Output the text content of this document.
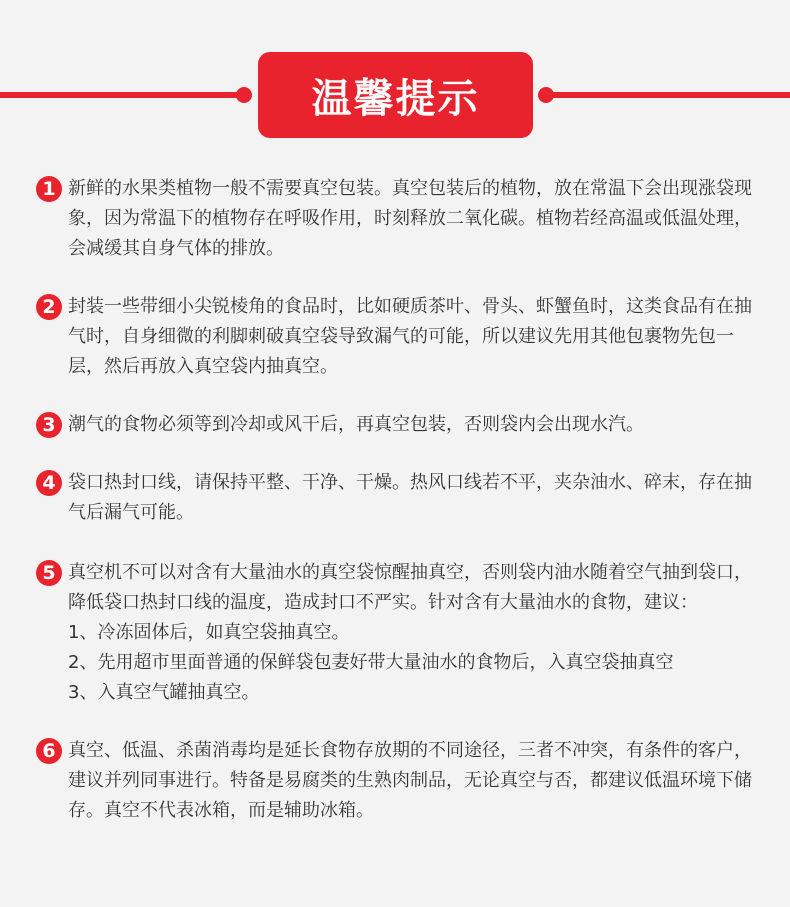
温馨提示
1 新鲜的水果类植物一般不需要真空包装。真空包装后的植物，放在常温下会出现涨袋现象，因为常温下的植物存在呼吸作用，时刻释放二氧化碳。植物若经高温或低温处理，会减缓其自身气体的排放。
2 封装一些带细小尖锐棱角的食品时，比如硬质茶叶、骨头、虾蟹鱼时，这类食品有在抽气时，自身细微的利脚刺破真空袋导致漏气的可能，所以建议先用其他包裹物先包一层，然后再放入真空袋内抽真空。
3 潮气的食物必须等到冷却或风干后，再真空包装，否则袋内会出现水汽。
4 袋口热封口线，请保持平整、干净、干燥。热风口线若不平，夹杂油水、碎末，存在抽气后漏气可能。
5 真空机不可以对含有大量油水的真空袋惊醒抽真空，否则袋内油水随着空气抽到袋口，降低袋口热封口线的温度，造成封口不严实。针对含有大量油水的食物，建议：
1、冷冻固体后，如真空袋抽真空。
2、先用超市里面普通的保鲜袋包妻好带大量油水的食物后，入真空袋抽真空
3、入真空气罐抽真空。
6 真空、低温、杀菌消毒均是延长食物存放期的不同途径，三者不冲突，有条件的客户，建议并列同事进行。特备是易腐类的生熟肉制品，无论真空与否，都建议低温环境下储存。真空不代表冰箱，而是辅助冰箱。
